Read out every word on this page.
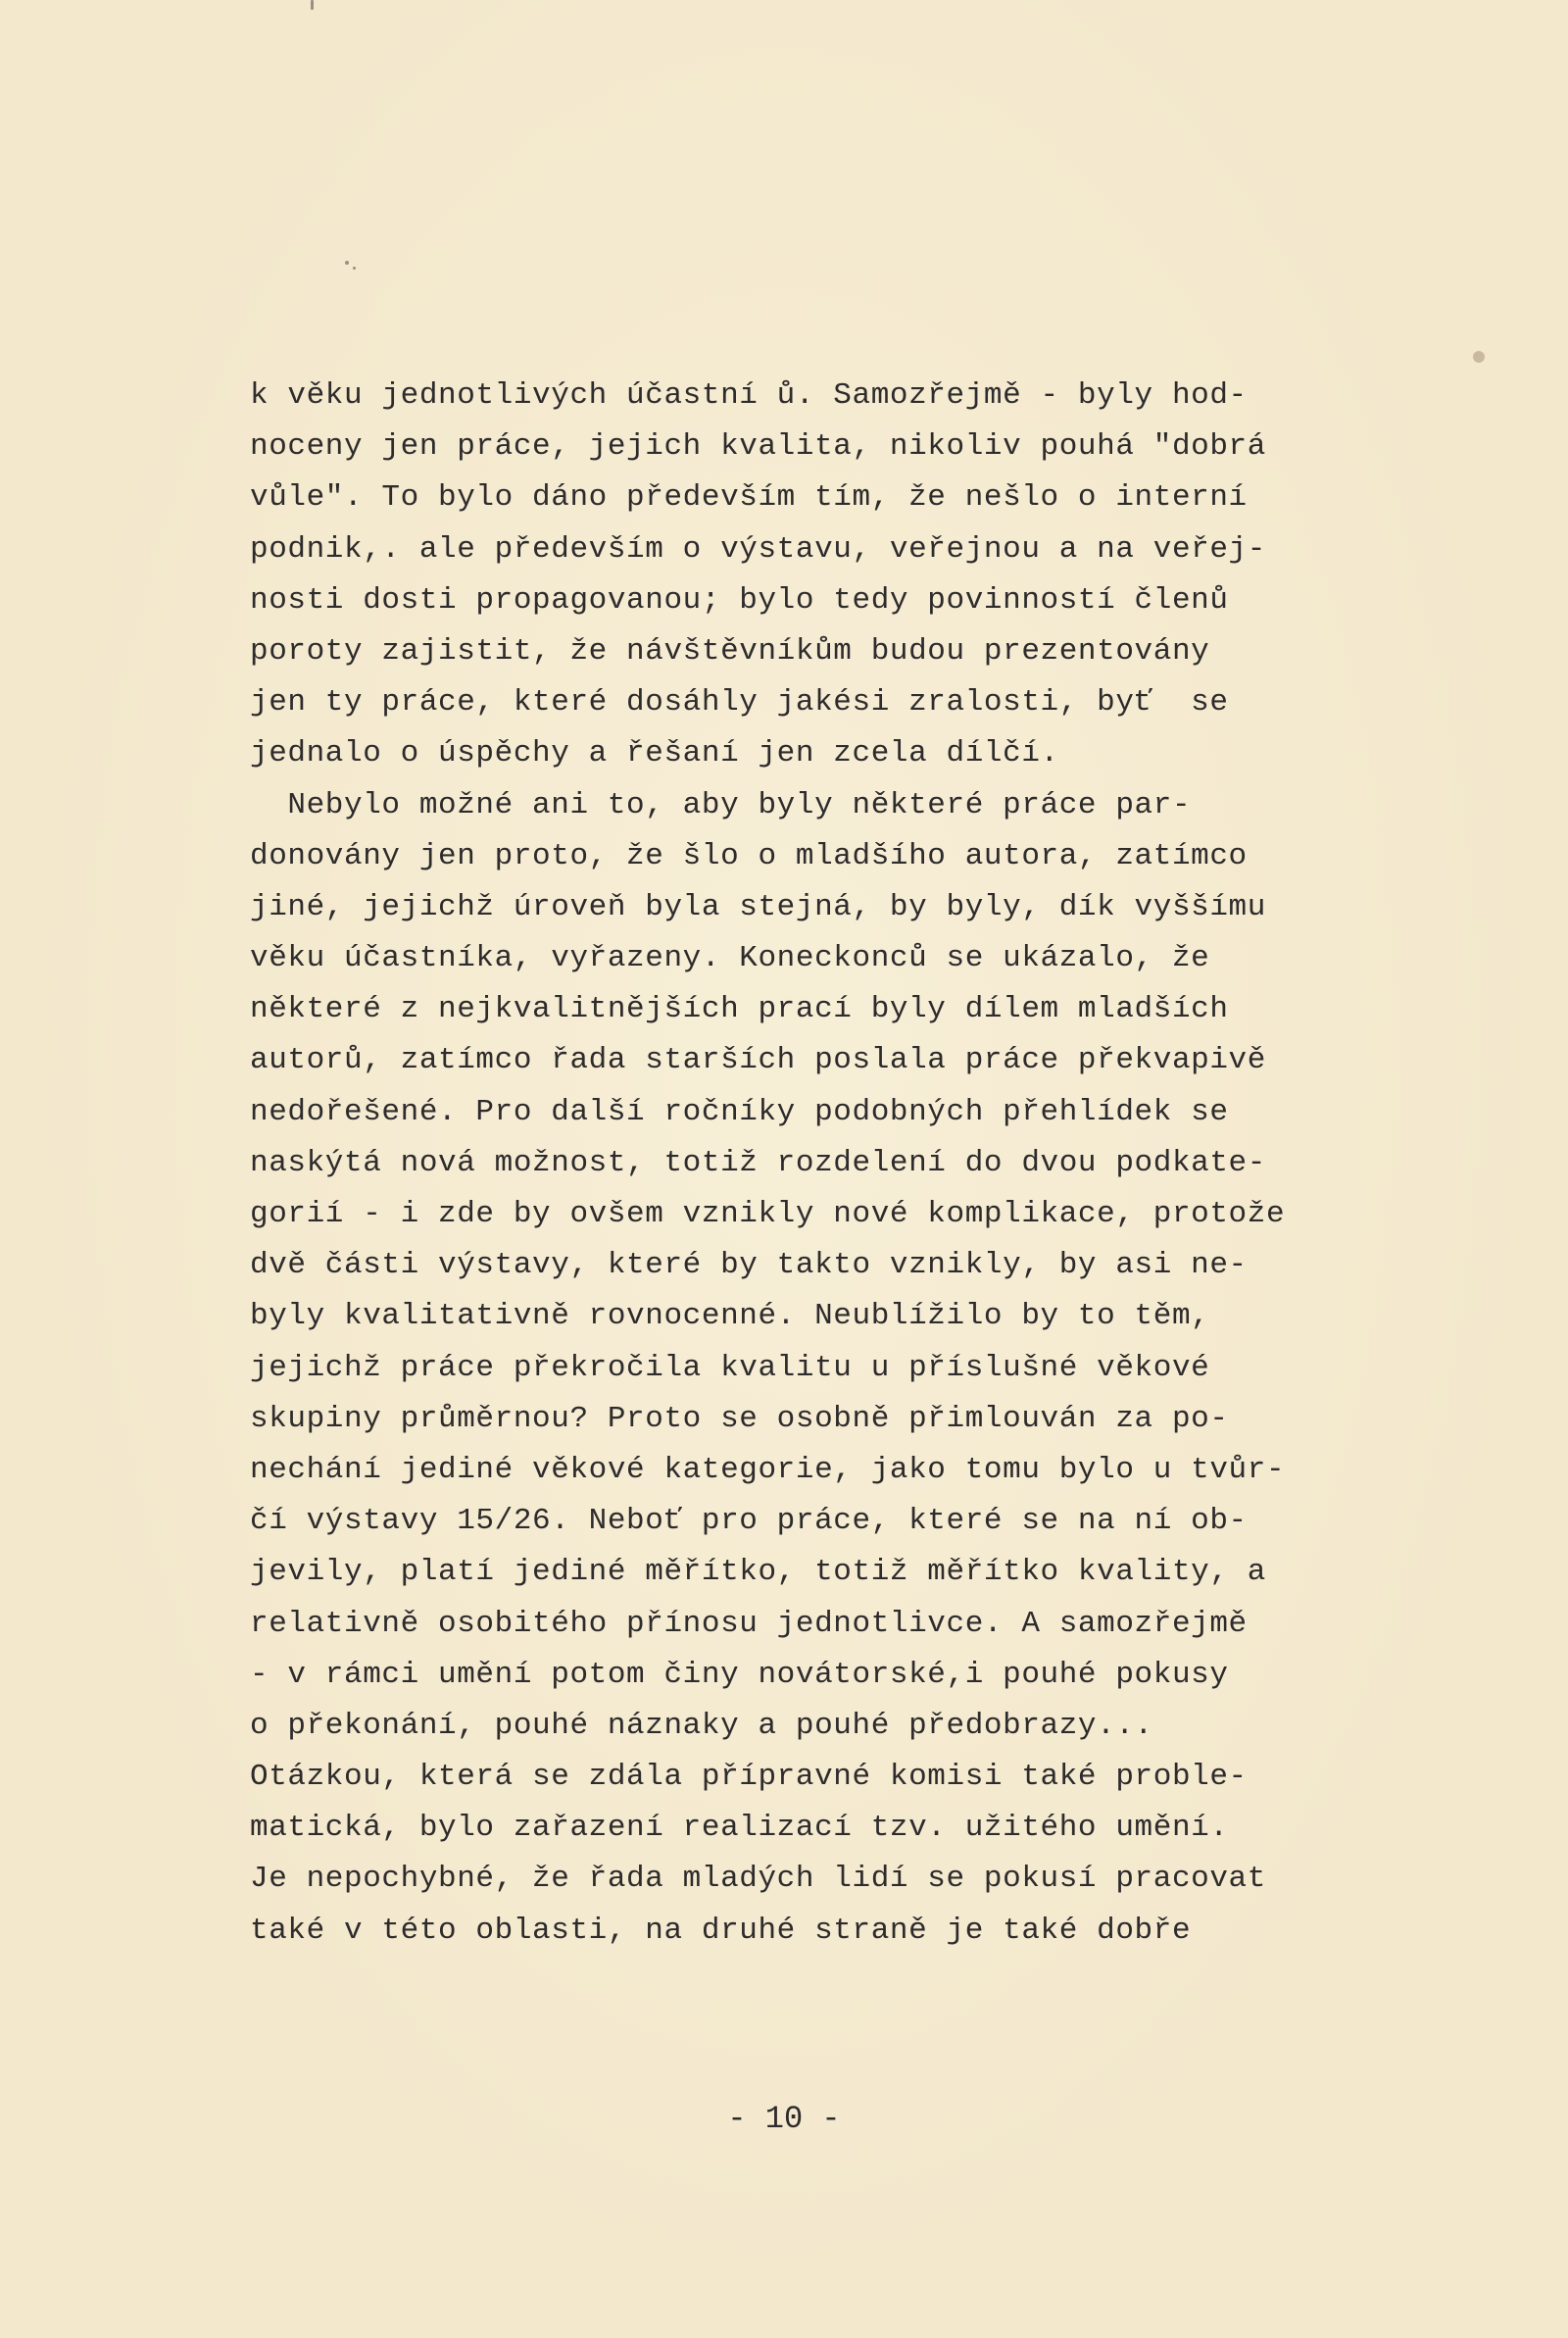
k věku jednotlivých účastní ů. Samozřejmě - byly hod-
noceny jen práce, jejich kvalita, nikoliv pouhá "dobrá
vůle". To bylo dáno především tím, že nešlo o interní
podnik,. ale především o výstavu, veřejnou a na veřej-
nosti dosti propagovanou; bylo tedy povinností členů
poroty zajistit, že návštěvníkům budou prezentovány
jen ty práce, které dosáhly jakési zralosti, byť  se
jednalo o úspěchy a řešaní jen zcela dílčí.
Nebylo možné ani to, aby byly některé práce par-
donovány jen proto, že šlo o mladšího autora, zatímco
jiné, jejichž úroveň byla stejná, by byly, dík vyššímu
věku účastníka, vyřazeny. Koneckonců se ukázalo, že
některé z nejkvalitnějších prací byly dílem mladších
autorů, zatímco řada starších poslala práce překvapivě
nedořešené. Pro další ročníky podobných přehlídek se
naskýtá nová možnost, totiž rozdelení do dvou podkate-
gorií - i zde by ovšem vznikly nové komplikace, protože
dvě části výstavy, které by takto vznikly, by asi ne-
byly kvalitativně rovnocenné. Neublížilo by to těm,
jejichž práce překročila kvalitu u příslušné věkové
skupiny průměrnou? Proto se osobně přimlouván za po-
nechání jediné věkové kategorie, jako tomu bylo u tvůr-
čí výstavy 15/26. Neboť pro práce, které se na ní ob-
jevily, platí jediné měřítko, totiž měřítko kvality, a
relativně osobitého přínosu jednotlivce. A samozřejmě
- v rámci umění potom činy novátorské,i pouhé pokusy
o překonání, pouhé náznaky a pouhé předobrazy...
Otázkou, která se zdála přípravné komisi také proble-
matická, bylo zařazení realizací tzv. užitého umění.
Je nepochybné, že řada mladých lidí se pokusí pracovat
také v této oblasti, na druhé straně je také dobře
- 10 -
